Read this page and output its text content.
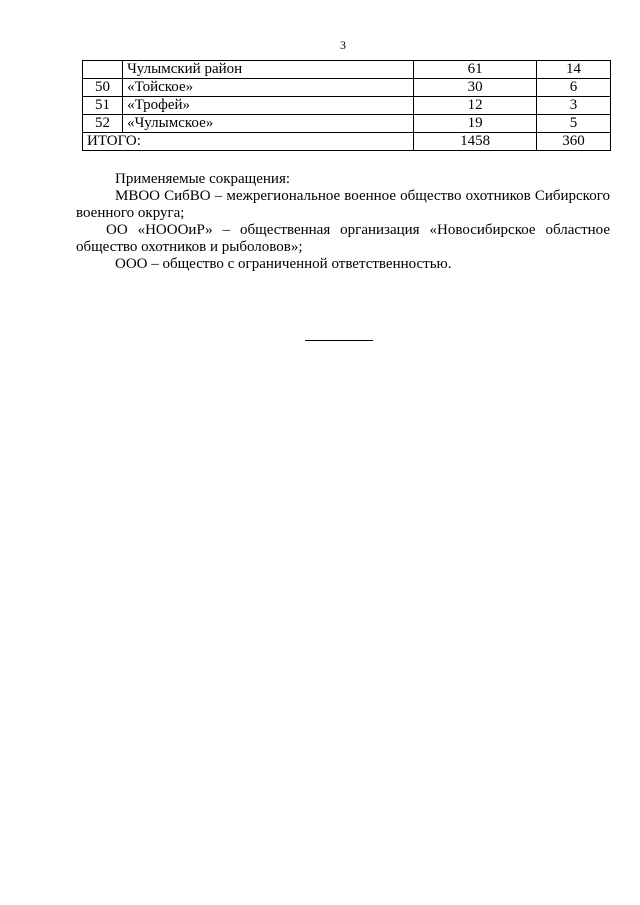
3
	Чулымский район	61	14
50	«Тойское»	30	6
51	«Трофей»	12	3
52	«Чулымское»	19	5
ИТОГО:		1458	360

Применяемые сокращения:

МВОО СибВО – межрегиональное военное общество охотников Сибирского военного округа;

ОО «НОООиР» – общественная организация «Новосибирское областное общество охотников и рыболовов»;

ООО – общество с ограниченной ответственностью.
